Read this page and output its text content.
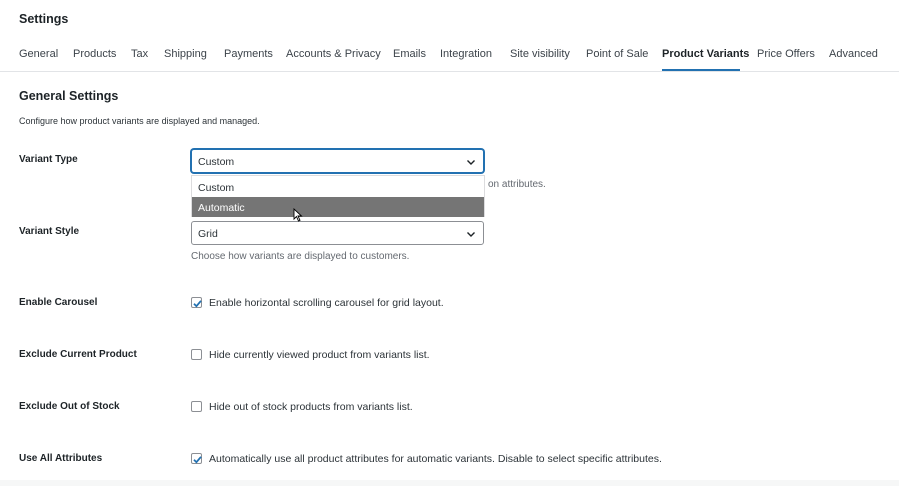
Settings
General Products Tax Shipping Payments Accounts & Privacy Emails Integration Site visibility Point of Sale Product Variants Price Offers Advanced
General Settings
Configure how product variants are displayed and managed.
Variant Type	Custom
on attributes.
Custom
Automatic
Variant Style	Grid
Choose how variants are displayed to customers.
Enable Carousel	Enable horizontal scrolling carousel for grid layout.
Exclude Current Product	Hide currently viewed product from variants list.
Exclude Out of Stock	Hide out of stock products from variants list.
Use All Attributes	Automatically use all product attributes for automatic variants. Disable to select specific attributes.
